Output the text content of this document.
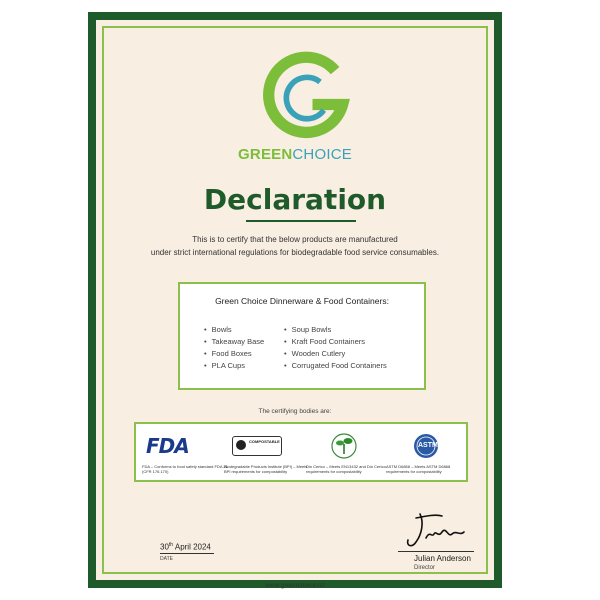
GREENCHOICE
Declaration
This is to certify that the below products are manufactured
under strict international regulations for biodegradable food service consumables.
Green Choice Dinnerware & Food Containers:
• Bowls
• Takeaway Base
• Food Boxes
• PLA Cups
• Soup Bowls
• Kraft Food Containers
• Wooden Cutlery
• Corrugated Food Containers
The certifying bodies are:
FDA
FDA – Conforms to food safety standard FDA 21 (CFR 176.170)
COMPOSTABLE
Biodegradable Products Institute (BPI) – Meets BPI requirements for compostability
Din Certco – Meets EN13432 and Din Certco requirements for compostability
ASTM
ASTM D6868 – Meets ASTM D6868 requirements for compostability
30th April 2024
DATE	Julian Anderson
Director
www.greenchoice.nz
